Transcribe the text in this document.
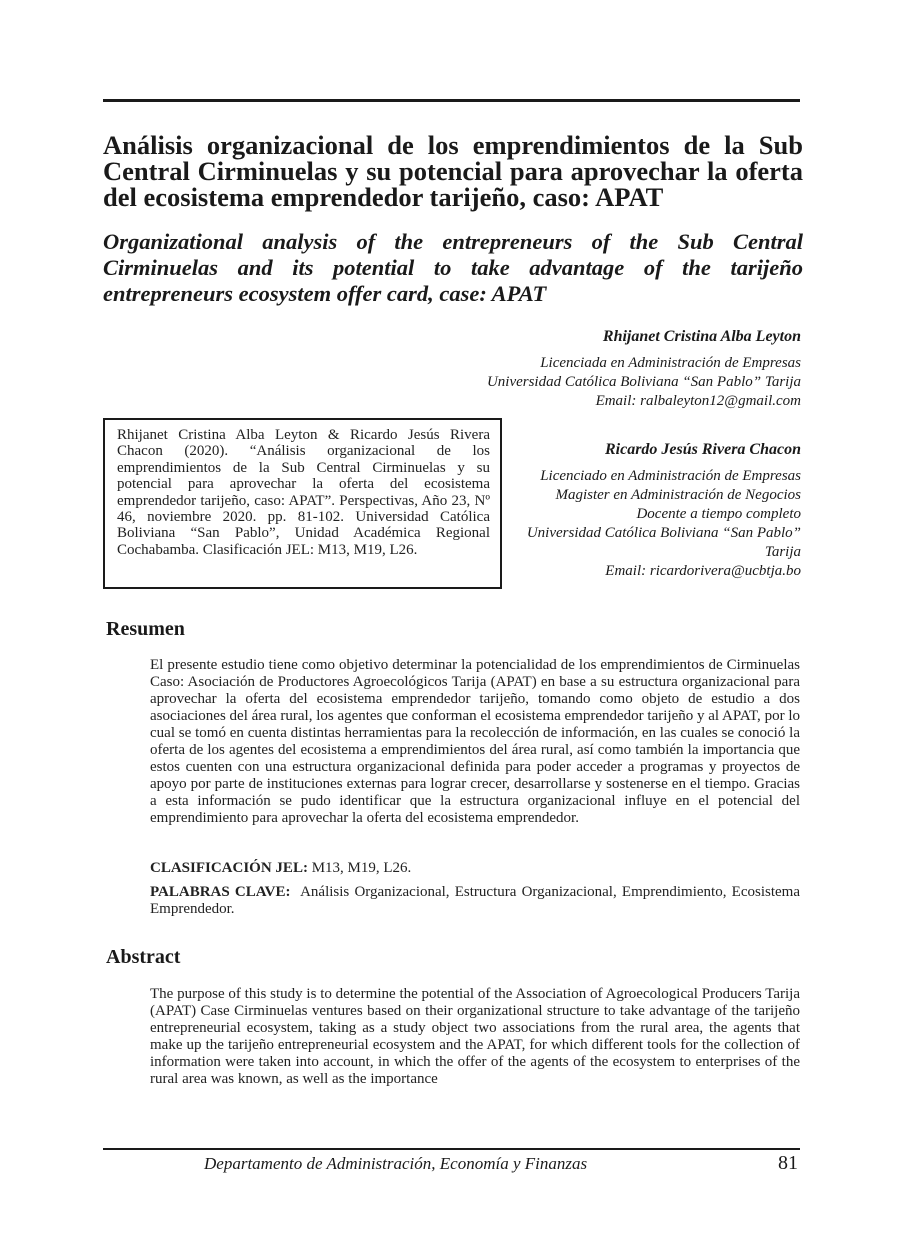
Análisis organizacional de los emprendimientos de la Sub Central Cirminuelas y su potencial para aprovechar la oferta del ecosistema emprendedor tarijeño, caso: APAT
Organizational analysis of the entrepreneurs of the Sub Central Cirminuelas and its potential to take advantage of the tarijeño entrepreneurs ecosystem offer card, case: APAT
Rhijanet Cristina Alba Leyton
Licenciada en Administración de Empresas
Universidad Católica Boliviana “San Pablo” Tarija
Email: ralbaleyton12@gmail.com
Rhijanet Cristina Alba Leyton & Ricardo Jesús Rivera Chacon (2020). “Análisis organizacional de los emprendimientos de la Sub Central Cirminuelas y su potencial para aprovechar la oferta del ecosistema emprendedor tarijeño, caso: APAT”. Perspectivas, Año 23, Nº 46, noviembre 2020. pp. 81-102. Universidad Católica Boliviana “San Pablo”, Unidad Académica Regional Cochabamba. Clasificación JEL: M13, M19, L26.
Ricardo Jesús Rivera Chacon
Licenciado en Administración de Empresas
Magister en Administración de Negocios
Docente a tiempo completo
Universidad Católica Boliviana “San Pablo” Tarija
Email: ricardorivera@ucbtja.bo
Resumen

El presente estudio tiene como objetivo determinar la potencialidad de los emprendimientos de Cirminuelas Caso: Asociación de Productores Agroecológicos Tarija (APAT) en base a su estructura organizacional para aprovechar la oferta del ecosistema emprendedor tarijeño, tomando como objeto de estudio a dos asociaciones del área rural, los agentes que conforman el ecosistema emprendedor tarijeño y al APAT, por lo cual se tomó en cuenta distintas herramientas para la recolección de información, en las cuales se conoció la oferta de los agentes del ecosistema a emprendimientos del área rural, así como también la importancia que estos cuenten con una estructura organizacional definida para poder acceder a programas y proyectos de apoyo por parte de instituciones externas para lograr crecer, desarrollarse y sostenerse en el tiempo. Gracias a esta información se pudo identificar que la estructura organizacional influye en el potencial del emprendimiento para aprovechar la oferta del ecosistema emprendedor.

CLASIFICACIÓN JEL: M13, M19, L26.

PALABRAS CLAVE: Análisis Organizacional, Estructura Organizacional, Emprendimiento, Ecosistema Emprendedor.

Abstract

The purpose of this study is to determine the potential of the Association of Agroecological Producers Tarija (APAT) Case Cirminuelas ventures based on their organizational structure to take advantage of the tarijeño entrepreneurial ecosystem, taking as a study object two associations from the rural area, the agents that make up the tarijeño entrepreneurial ecosystem and the APAT, for which different tools for the collection of information were taken into account, in which the offer of the agents of the ecosystem to enterprises of the rural area was known, as well as the importance

Departamento de Administración, Economía y Finanzas	81
